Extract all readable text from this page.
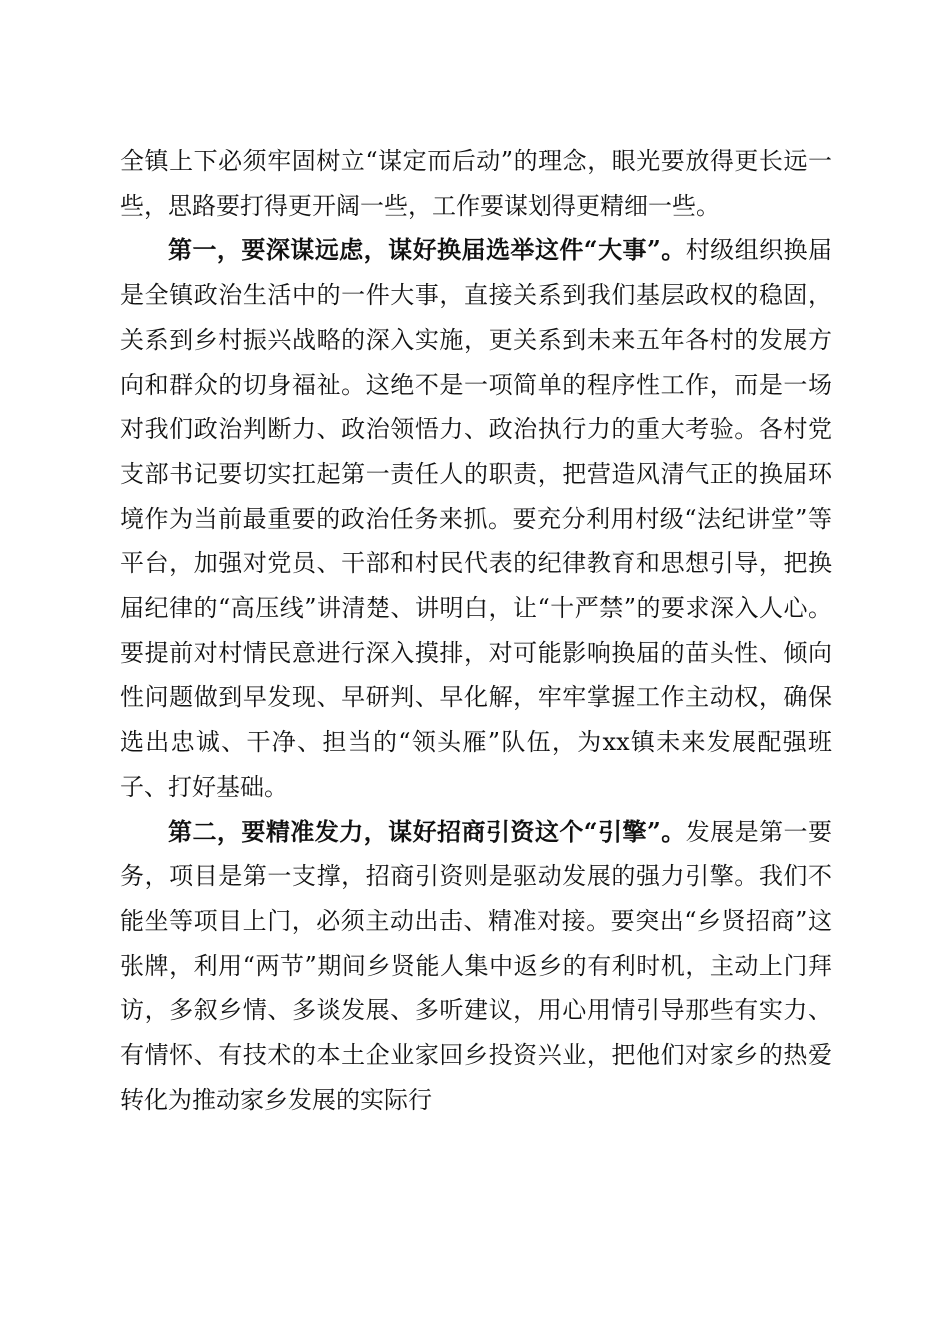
全镇上下必须牢固树立“谋定而后动”的理念，眼光要放得更长远一些，思路要打得更开阔一些，工作要谋划得更精细一些。

第一，要深谋远虑，谋好换届选举这件“大事”。村级组织换届是全镇政治生活中的一件大事，直接关系到我们基层政权的稳固，关系到乡村振兴战略的深入实施，更关系到未来五年各村的发展方向和群众的切身福祉。这绝不是一项简单的程序性工作，而是一场对我们政治判断力、政治领悟力、政治执行力的重大考验。各村党支部书记要切实扛起第一责任人的职责，把营造风清气正的换届环境作为当前最重要的政治任务来抓。要充分利用村级“法纪讲堂”等平台，加强对党员、干部和村民代表的纪律教育和思想引导，把换届纪律的“高压线”讲清楚、讲明白，让“十严禁”的要求深入人心。要提前对村情民意进行深入摸排，对可能影响换届的苗头性、倾向性问题做到早发现、早研判、早化解，牢牢掌握工作主动权，确保选出忠诚、干净、担当的“领头雁”队伍，为xx镇未来发展配强班子、打好基础。

第二，要精准发力，谋好招商引资这个“引擎”。发展是第一要务，项目是第一支撑，招商引资则是驱动发展的强力引擎。我们不能坐等项目上门，必须主动出击、精准对接。要突出“乡贤招商”这张牌，利用“两节”期间乡贤能人集中返乡的有利时机，主动上门拜访，多叙乡情、多谈发展、多听建议，用心用情引导那些有实力、有情怀、有技术的本土企业家回乡投资兴业，把他们对家乡的热爱转化为推动家乡发展的实际行
